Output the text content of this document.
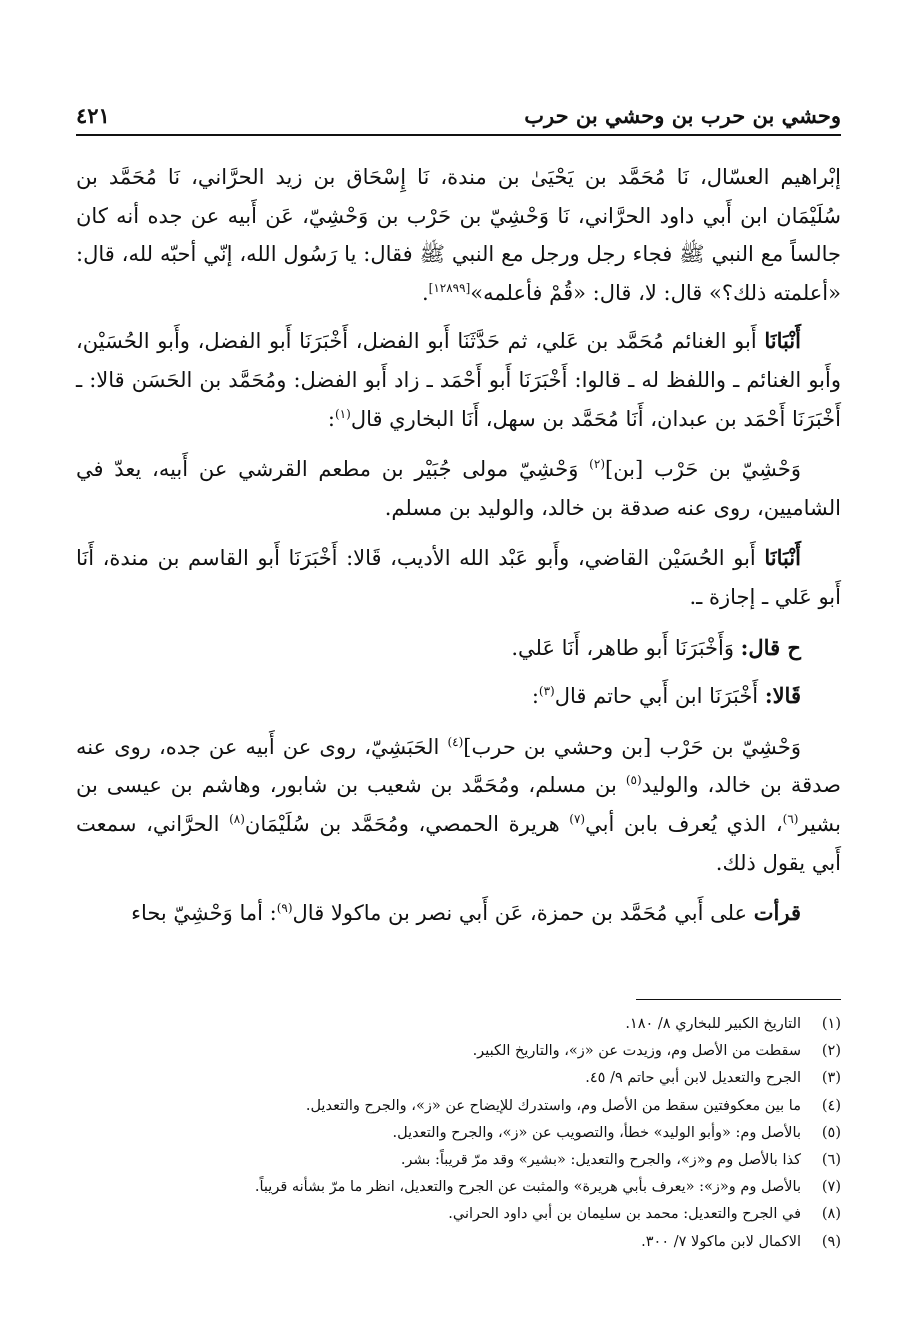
٤٢١	وحشي بن حرب بن وحشي بن حرب

إبْراهيم العسّال، نَا مُحَمَّد بن يَحْيَىٰ بن مندة، نَا إِسْحَاق بن زيد الحرَّاني، نَا مُحَمَّد بن سُلَيْمَان ابن أَبي داود الحرَّاني، نَا وَحْشِيّ بن حَرْب بن وَحْشِيّ، عَن أَبيه عن جده أنه كان جالساً مع النبي ﷺ فجاء رجل ورجل مع النبي ﷺ فقال: يا رَسُول الله، إنّي أحبّه لله، قال: «أعلمته ذلك؟» قال: لا، قال: «قُمْ فأعلمه»[١٢٨٩٩].

أَنْبَانَا أَبو الغنائم مُحَمَّد بن عَلي، ثم حَدَّثَنَا أَبو الفضل، أَخْبَرَنَا أَبو الفضل، وأَبو الحُسَيْن، وأَبو الغنائم ـ واللفظ له ـ قالوا: أَخْبَرَنَا أَبو أَحْمَد ـ زاد أَبو الفضل: ومُحَمَّد بن الحَسَن قالا: ـ أَخْبَرَنَا أَحْمَد بن عبدان، أَنَا مُحَمَّد بن سهل، أَنَا البخاري قال$^{(١)}$:

وَحْشِيّ بن حَرْب [بن]$^{(٢)}$ وَحْشِيّ مولى جُبَيْر بن مطعم القرشي عن أَبيه، يعدّ في الشاميين، روى عنه صدقة بن خالد، والوليد بن مسلم.

أَنْبَانَا أَبو الحُسَيْن القاضي، وأَبو عَبْد الله الأديب، قَالا: أَخْبَرَنَا أَبو القاسم بن مندة، أَنَا أَبو عَلي ـ إجازة ـ.

ح قال: وَأَخْبَرَنَا أَبو طاهر، أَنَا عَلي.

قَالا: أَخْبَرَنَا ابن أَبي حاتم قال$^{(٣)}$:

وَحْشِيّ بن حَرْب [بن وحشي بن حرب]$^{(٤)}$ الحَبَشِيّ، روى عن أَبيه عن جده، روى عنه صدقة بن خالد، والوليد$^{(٥)}$ بن مسلم، ومُحَمَّد بن شعيب بن شابور، وهاشم بن عيسى بن بشير$^{(٦)}$، الذي يُعرف بابن أبي$^{(٧)}$ هريرة الحمصي، ومُحَمَّد بن سُلَيْمَان$^{(٨)}$ الحرَّاني، سمعت أَبي يقول ذلك.

قرأت على أَبي مُحَمَّد بن حمزة، عَن أَبي نصر بن ماكولا قال$^{(٩)}$: أما وَحْشِيّ بحاء

(١)
التاريخ الكبير للبخاري ٨/ ١٨٠.
(٢)
سقطت من الأصل وم، وزيدت عن «ز»، والتاريخ الكبير.
(٣)
الجرح والتعديل لابن أبي حاتم ٩/ ٤٥.
(٤)
ما بين معكوفتين سقط من الأصل وم، واستدرك للإيضاح عن «ز»، والجرح والتعديل.
(٥)
بالأصل وم: «وأبو الوليد» خطأ، والتصويب عن «ز»، والجرح والتعديل.
(٦)
كذا بالأصل وم و«ز»، والجرح والتعديل: «بشير» وقد مرّ قريباً: بشر.
(٧)
بالأصل وم و«ز»: «يعرف بأبي هريرة» والمثبت عن الجرح والتعديل، انظر ما مرّ بشأنه قريباً.
(٨)
في الجرح والتعديل: محمد بن سليمان بن أبي داود الحراني.
(٩)
الاكمال لابن ماكولا ٧/ ٣٠٠.
